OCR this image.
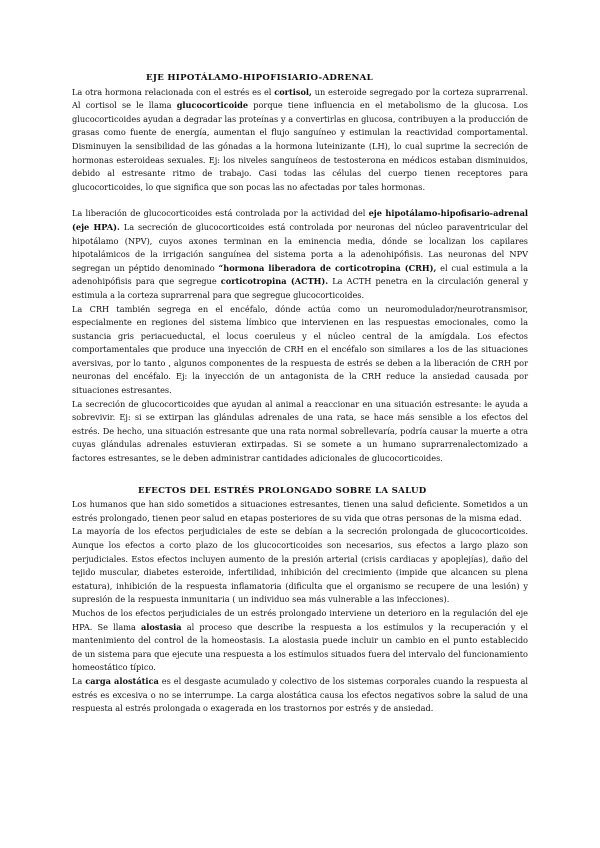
EJE HIPOTÁLAMO-HIPOFISIARIO-ADRENAL

La otra hormona relacionada con el estrés es el cortisol, un esteroide segregado por la corteza suprarrenal. Al cortisol se le llama glucocorticoide porque tiene influencia en el metabolismo de la glucosa. Los glucocorticoides ayudan a degradar las proteínas y a convertirlas en glucosa, contribuyen a la producción de grasas como fuente de energía, aumentan el flujo sanguíneo y estimulan la reactividad comportamental. Disminuyen la sensibilidad de las gónadas a la hormona luteinizante (LH), lo cual suprime la secreción de hormonas esteroideas sexuales. Ej: los niveles sanguíneos de testosterona en médicos estaban disminuidos, debido al estresante ritmo de trabajo. Casi todas las células del cuerpo tienen receptores para glucocorticoides, lo que significa que son pocas las no afectadas por tales hormonas.

La liberación de glucocorticoides está controlada por la actividad del eje hipotálamo-hipofisario-adrenal (eje HPA). La secreción de glucocorticoides está controlada por neuronas del núcleo paraventricular del hipotálamo (NPV), cuyos axones terminan en la eminencia media, dónde se localizan los capilares hipotalámicos de la irrigación sanguínea del sistema porta a la adenohipófisis. Las neuronas del NPV segregan un péptido denominado “hormona liberadora de corticotropina (CRH), el cual estimula a la adenohipófisis para que segregue corticotropina (ACTH). La ACTH penetra en la circulación general y estimula a la corteza suprarrenal para que segregue glucocorticoides.

La CRH también segrega en el encéfalo, dónde actúa como un neuromodulador/neurotransmisor, especialmente en regiones del sistema límbico que intervienen en las respuestas emocionales, como la sustancia gris periacueductal, el locus coeruleus y el núcleo central de la amígdala. Los efectos comportamentales que produce una inyección de CRH en el encéfalo son similares a los de las situaciones aversivas, por lo tanto , algunos componentes de la respuesta de estrés se deben a la liberación de CRH por neuronas del encéfalo. Ej: la inyección de un antagonista de la CRH reduce la ansiedad causada por situaciones estresantes.

La secreción de glucocorticoides que ayudan al animal a reaccionar en una situación estresante: le ayuda a sobrevivir. Ej: si se extirpan las glándulas adrenales de una rata, se hace más sensible a los efectos del estrés. De hecho, una situación estresante que una rata normal sobrellevaría, podría causar la muerte a otra cuyas glándulas adrenales estuvieran extirpadas. Si se somete a un humano suprarrenalectomizado a factores estresantes, se le deben administrar cantidades adicionales de glucocorticoides.

EFECTOS DEL ESTRÉS PROLONGADO SOBRE LA SALUD

Los humanos que han sido sometidos a situaciones estresantes, tienen una salud deficiente. Sometidos a un estrés prolongado, tienen peor salud en etapas posteriores de su vida que otras personas de la misma edad.

La mayoría de los efectos perjudiciales de este se debían a la secreción prolongada de glucocorticoides. Aunque los efectos a corto plazo de los glucocorticoides son necesarios, sus efectos a largo plazo son perjudiciales. Estos efectos incluyen aumento de la presión arterial (crisis cardiacas y apoplejías), daño del tejido muscular, diabetes esteroide, infertilidad, inhibición del crecimiento (impide que alcancen su plena estatura), inhibición de la respuesta inflamatoria (dificulta que el organismo se recupere de una lesión) y supresión de la respuesta inmunitaria ( un individuo sea más vulnerable a las infecciones).

Muchos de los efectos perjudiciales de un estrés prolongado interviene un deterioro en la regulación del eje HPA. Se llama alostasia al proceso que describe la respuesta a los estímulos y la recuperación y el mantenimiento del control de la homeostasis. La alostasia puede incluir un cambio en el punto establecido de un sistema para que ejecute una respuesta a los estímulos situados fuera del intervalo del funcionamiento homeostático típico.

La carga alostática es el desgaste acumulado y colectivo de los sistemas corporales cuando la respuesta al estrés es excesiva o no se interrumpe. La carga alostática causa los efectos negativos sobre la salud de una respuesta al estrés prolongada o exagerada en los trastornos por estrés y de ansiedad.
